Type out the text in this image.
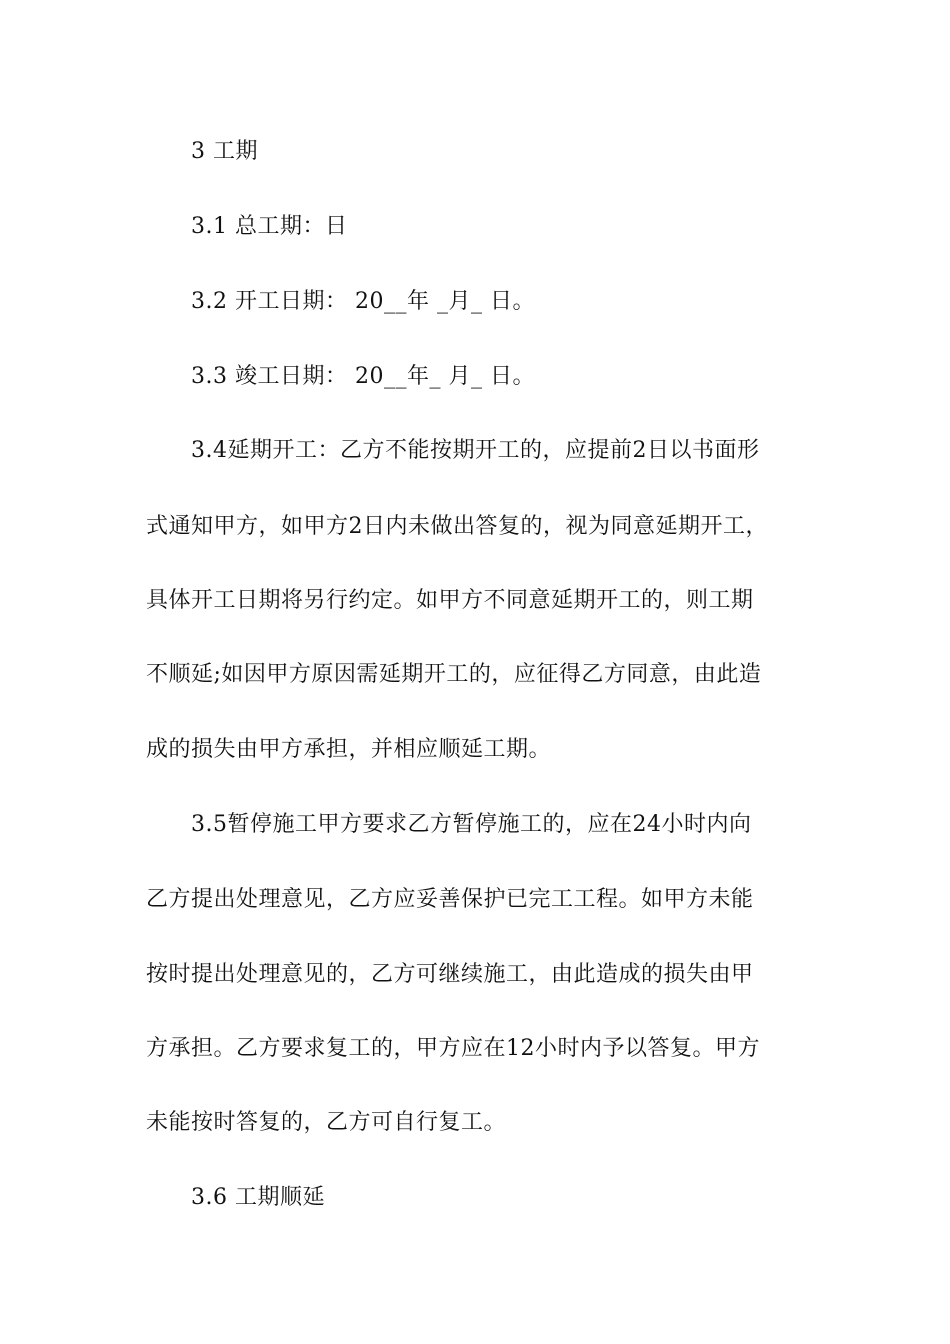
3 工期
3.1 总工期：日
3.2 开工日期： 20__年 _月_ 日。
3.3 竣工日期： 20__年_ 月_ 日。
3.4延期开工：乙方不能按期开工的，应提前2日以书面形
式通知甲方，如甲方2日内未做出答复的，视为同意延期开工，
具体开工日期将另行约定。如甲方不同意延期开工的，则工期
不顺延;如因甲方原因需延期开工的，应征得乙方同意，由此造
成的损失由甲方承担，并相应顺延工期。
3.5暂停施工甲方要求乙方暂停施工的，应在24小时内向
乙方提出处理意见，乙方应妥善保护已完工工程。如甲方未能
按时提出处理意见的，乙方可继续施工，由此造成的损失由甲
方承担。乙方要求复工的，甲方应在12小时内予以答复。甲方
未能按时答复的，乙方可自行复工。
3.6 工期顺延
